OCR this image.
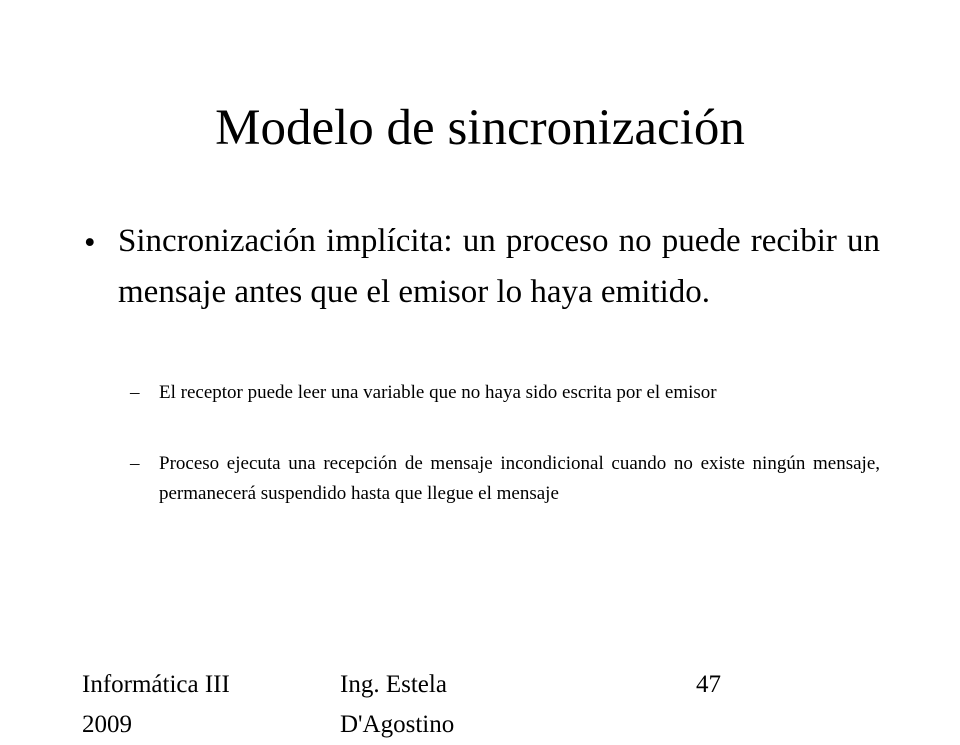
Modelo de sincronización
• Sincronización implícita: un proceso no puede recibir un mensaje antes que el emisor lo haya emitido.
– El receptor puede leer una variable que no haya sido escrita por el emisor
– Proceso ejecuta una recepción de mensaje incondicional cuando no existe ningún mensaje, permanecerá suspendido hasta que llegue el mensaje
Informática III 2009
Ing. Estela D'Agostino
47
